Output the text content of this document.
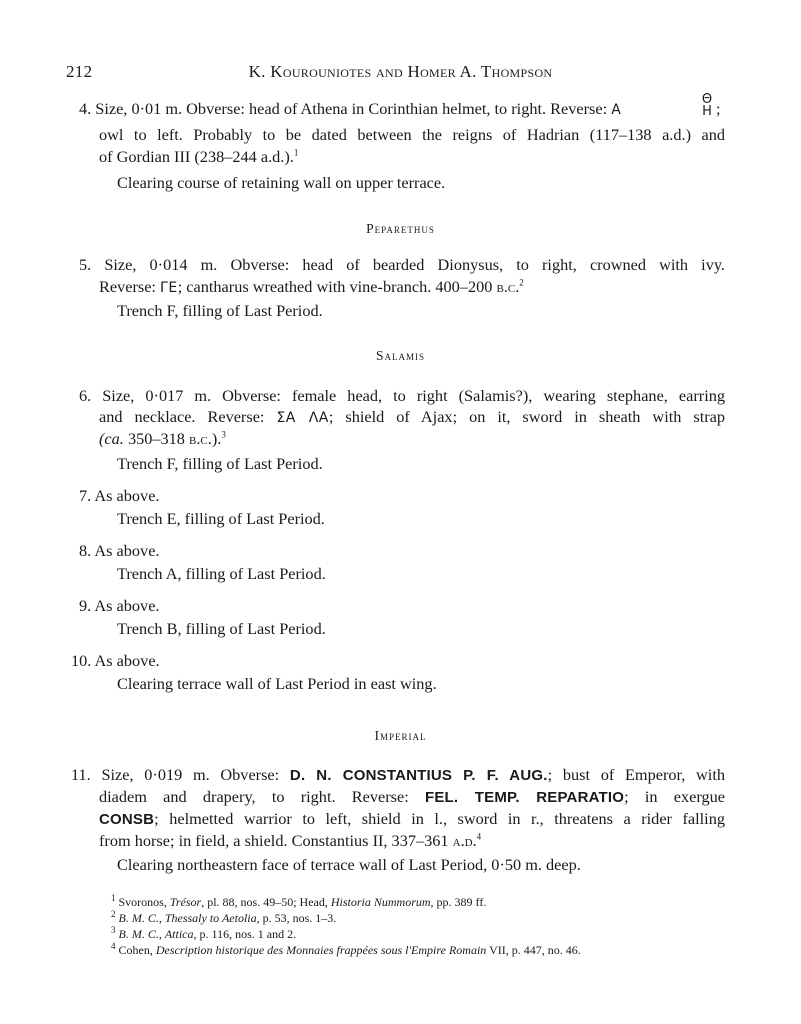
212	K. Kourouniotes and Homer A. Thompson
4. Size, 0·01 m. Obverse: head of Athena in Corinthian helmet, to right. Reverse: A
Θ
H ;
owl to left. Probably to be dated between the reigns of Hadrian (117–138 a.d.) and
of Gordian III (238–244 a.d.).$^1$
Clearing course of retaining wall on upper terrace.
Peparethus
5. Size, 0·014 m. Obverse: head of bearded Dionysus, to right, crowned with ivy.
Reverse: ΓΕ; cantharus wreathed with vine-branch. 400–200 b.c.$^2$
Trench F, filling of Last Period.
Salamis
6. Size, 0·017 m. Obverse: female head, to right (Salamis?), wearing stephane, earring
and necklace. Reverse: ΣΑ ΛΑ; shield of Ajax; on it, sword in sheath with strap
(ca. 350–318 b.c.).$^3$
Trench F, filling of Last Period.
7. As above.
Trench E, filling of Last Period.
8. As above.
Trench A, filling of Last Period.
9. As above.
Trench B, filling of Last Period.
10. As above.
Clearing terrace wall of Last Period in east wing.
Imperial
11. Size, 0·019 m. Obverse: D. N. CONSTANTIUS P. F. AUG.; bust of Emperor, with
diadem and drapery, to right. Reverse: FEL. TEMP. REPARATIO; in exergue
CONSB; helmetted warrior to left, shield in l., sword in r., threatens a rider falling
from horse; in field, a shield. Constantius II, 337–361 a.d.$^4$
Clearing northeastern face of terrace wall of Last Period, 0·50 m. deep.
$^1$ Svoronos, Trésor, pl. 88, nos. 49–50; Head, Historia Nummorum, pp. 389 ff.
$^2$ B. M. C., Thessaly to Aetolia, p. 53, nos. 1–3.
$^3$ B. M. C., Attica, p. 116, nos. 1 and 2.
$^4$ Cohen, Description historique des Monnaies frappées sous l'Empire Romain VII, p. 447, no. 46.
